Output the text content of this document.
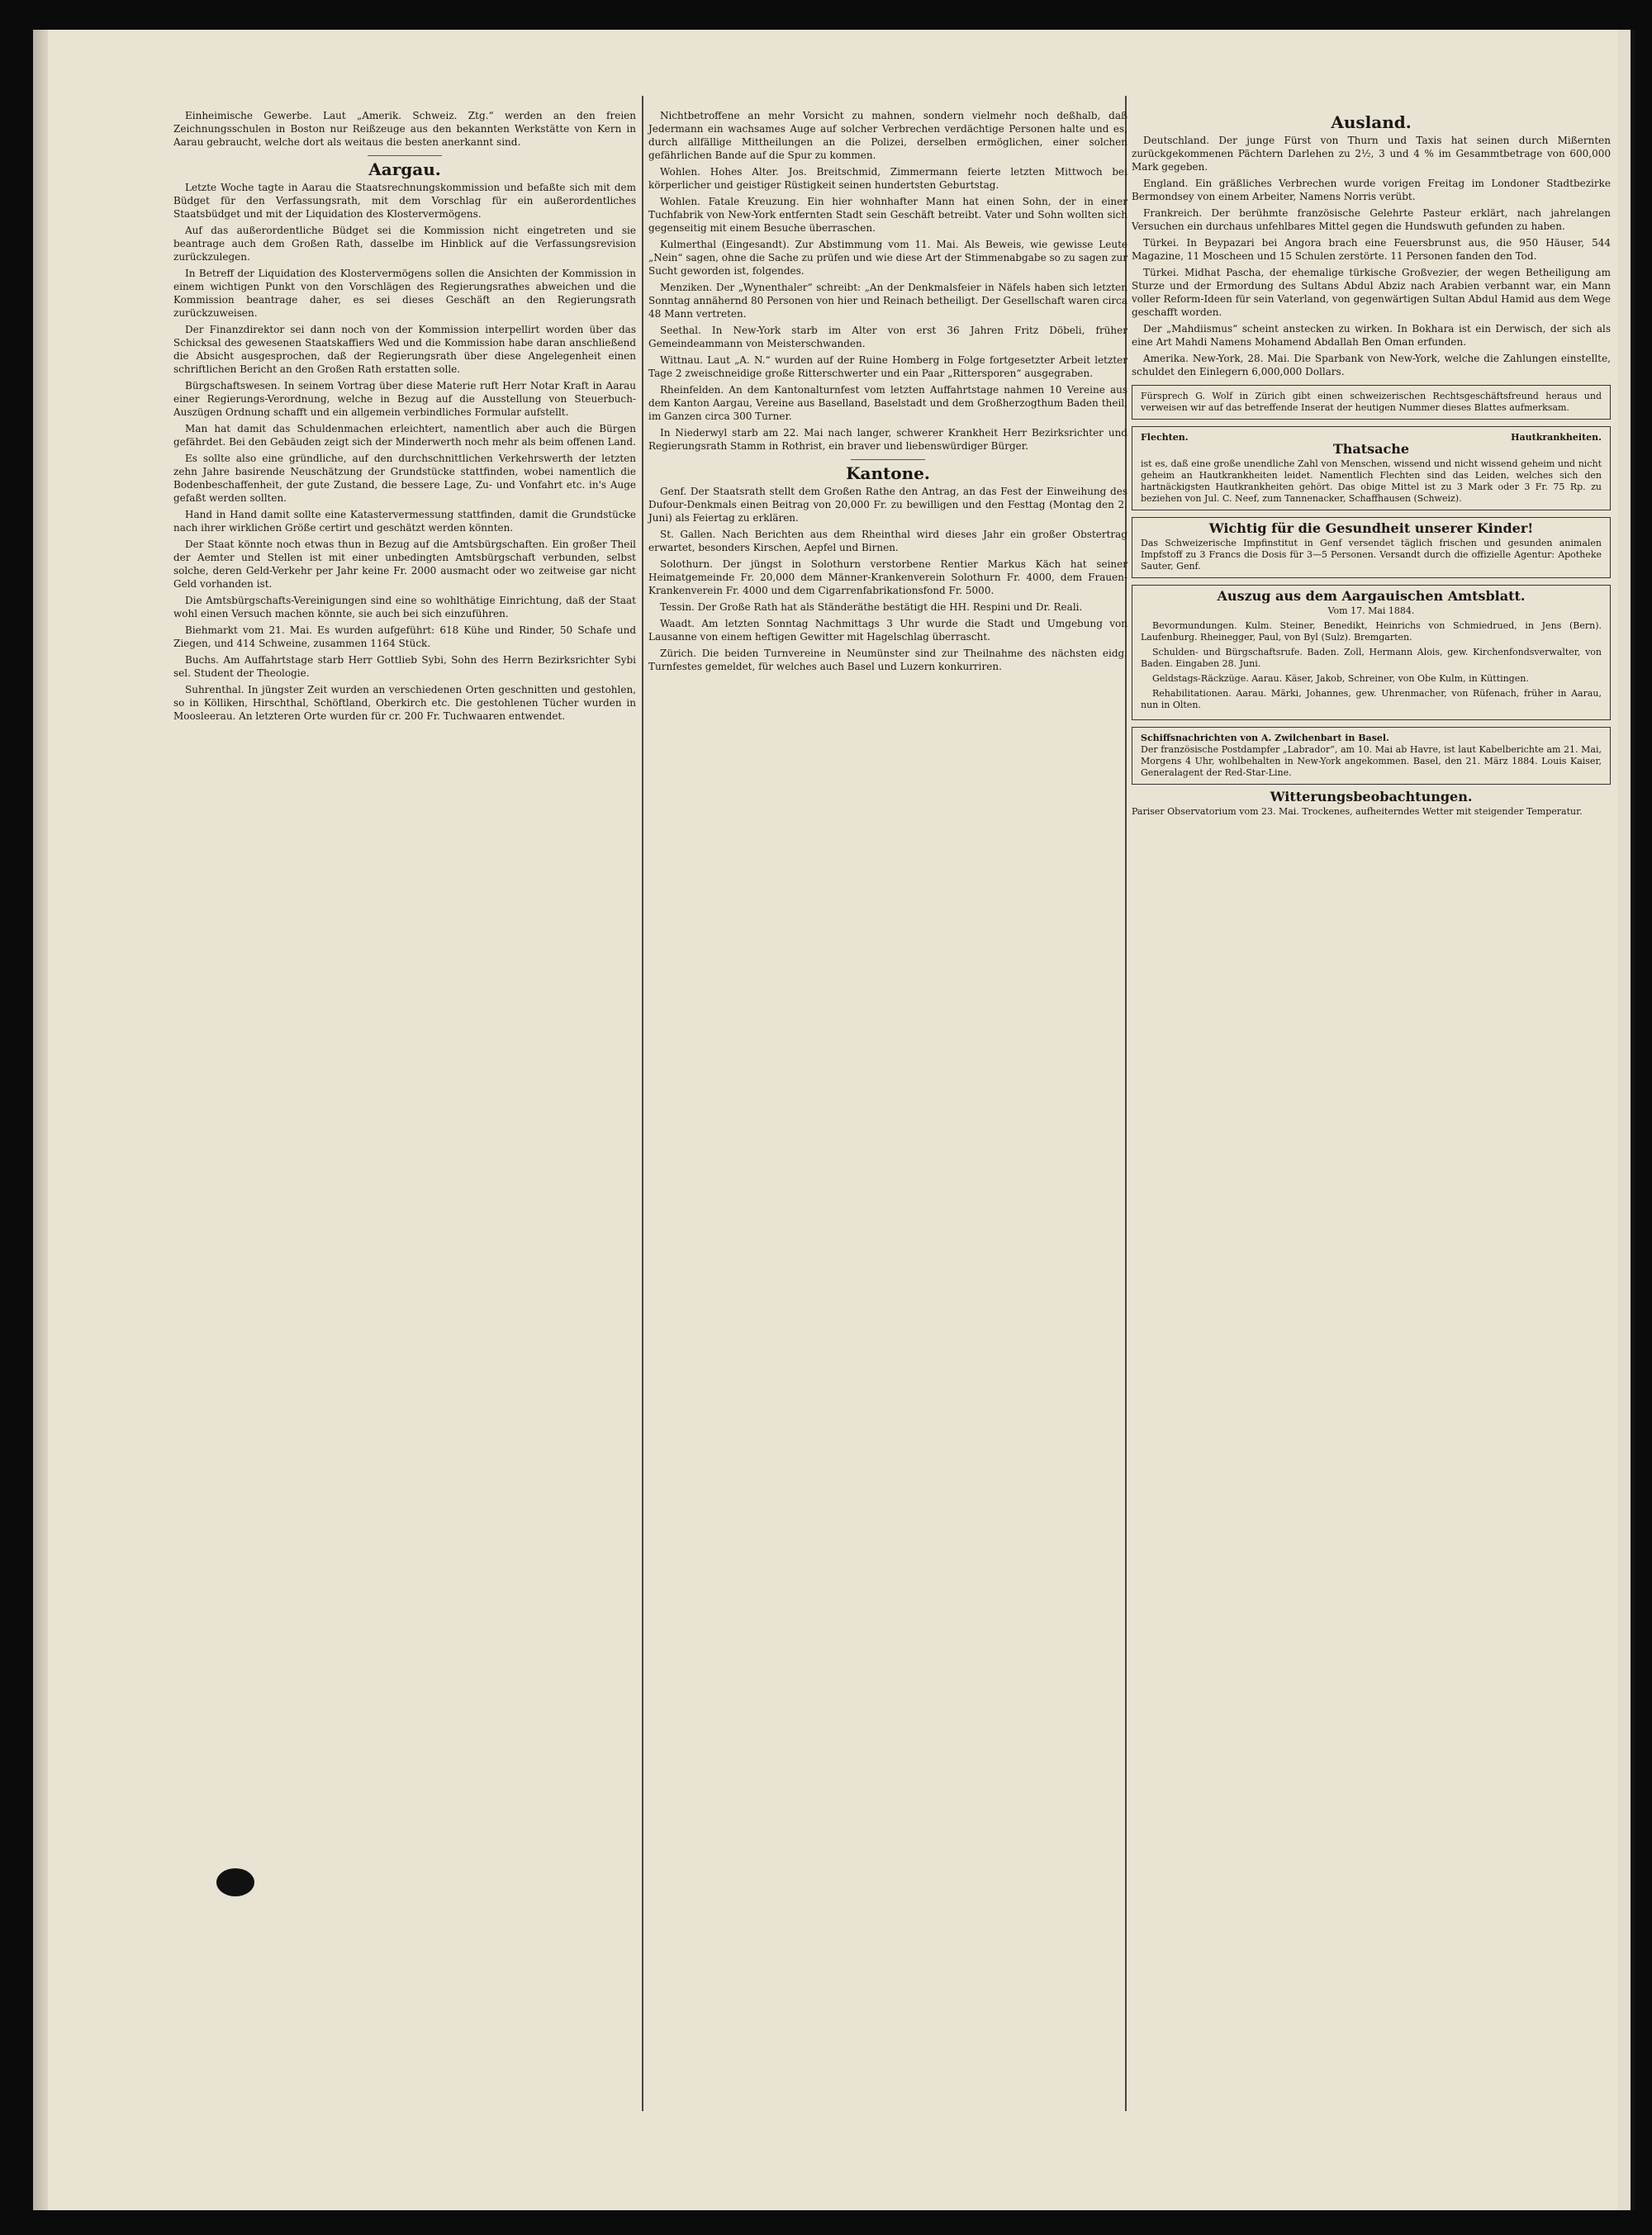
Einheimische Gewerbe. Laut „Amerik. Schweiz. Ztg.“ werden an den freien Zeichnungsschulen in Boston nur Reißzeuge aus den bekannten Werkstätte von Kern in Aarau gebraucht, welche dort als weitaus die besten anerkannt sind.

Aargau.

Letzte Woche tagte in Aarau die Staatsrechnungskommission und befaßte sich mit dem Büdget für den Verfassungsrath, mit dem Vorschlag für ein außerordentliches Staatsbüdget und mit der Liquidation des Klostervermögens.

Auf das außerordentliche Büdget sei die Kommission nicht eingetreten und sie beantrage auch dem Großen Rath, dasselbe im Hinblick auf die Verfassungsrevision zurückzulegen.

In Betreff der Liquidation des Klostervermögens sollen die Ansichten der Kommission in einem wichtigen Punkt von den Vorschlägen des Regierungsrathes abweichen und die Kommission beantrage daher, es sei dieses Geschäft an den Regierungsrath zurückzuweisen.

Der Finanzdirektor sei dann noch von der Kommission interpellirt worden über das Schicksal des gewesenen Staatskaffiers Wed und die Kommission habe daran anschließend die Absicht ausgesprochen, daß der Regierungsrath über diese Angelegenheit einen schriftlichen Bericht an den Großen Rath erstatten solle.

Bürgschaftswesen. In seinem Vortrag über diese Materie ruft Herr Notar Kraft in Aarau einer Regierungs-Verordnung, welche in Bezug auf die Ausstellung von Steuerbuch-Auszügen Ordnung schafft und ein allgemein verbindliches Formular aufstellt.

Man hat damit das Schuldenmachen erleichtert, namentlich aber auch die Bürgen gefährdet. Bei den Gebäuden zeigt sich der Minderwerth noch mehr als beim offenen Land.

Es sollte also eine gründliche, auf den durchschnittlichen Verkehrswerth der letzten zehn Jahre basirende Neuschätzung der Grundstücke stattfinden, wobei namentlich die Bodenbeschaffenheit, der gute Zustand, die bessere Lage, Zu- und Vonfahrt etc. in's Auge gefaßt werden sollten.

Hand in Hand damit sollte eine Katastervermessung stattfinden, damit die Grundstücke nach ihrer wirklichen Größe certirt und geschätzt werden könnten.

Der Staat könnte noch etwas thun in Bezug auf die Amtsbürgschaften. Ein großer Theil der Aemter und Stellen ist mit einer unbedingten Amtsbürgschaft verbunden, selbst solche, deren Geld-Verkehr per Jahr keine Fr. 2000 ausmacht oder wo zeitweise gar nicht Geld vorhanden ist.

Die Amtsbürgschafts-Vereinigungen sind eine so wohlthätige Einrichtung, daß der Staat wohl einen Versuch machen könnte, sie auch bei sich einzuführen.

Biehmarkt vom 21. Mai. Es wurden aufgeführt: 618 Kühe und Rinder, 50 Schafe und Ziegen, und 414 Schweine, zusammen 1164 Stück.

Buchs. Am Auffahrtstage starb Herr Gottlieb Sybi, Sohn des Herrn Bezirksrichter Sybi sel. Student der Theologie.

Suhrenthal. In jüngster Zeit wurden an verschiedenen Orten geschnitten und gestohlen, so in Kölliken, Hirschthal, Schöftland, Oberkirch etc. Die gestohlenen Tücher wurden in Moosleerau. An letzteren Orte wurden für cr. 200 Fr. Tuchwaaren entwendet.

Nichtbetroffene an mehr Vorsicht zu mahnen, sondern vielmehr noch deßhalb, daß Jedermann ein wachsames Auge auf solcher Verbrechen verdächtige Personen halte und es, durch allfällige Mittheilungen an die Polizei, derselben ermöglichen, einer solchen gefährlichen Bande auf die Spur zu kommen.

Wohlen. Hohes Alter. Jos. Breitschmid, Zimmermann feierte letzten Mittwoch bei körperlicher und geistiger Rüstigkeit seinen hundertsten Geburtstag.

Wohlen. Fatale Kreuzung. Ein hier wohnhafter Mann hat einen Sohn, der in einer Tuchfabrik von New-York entfernten Stadt sein Geschäft betreibt. Vater und Sohn wollten sich gegenseitig mit einem Besuche überraschen.

Kulmerthal (Eingesandt). Zur Abstimmung vom 11. Mai. Als Beweis, wie gewisse Leute „Nein“ sagen, ohne die Sache zu prüfen und wie diese Art der Stimmenabgabe so zu sagen zur Sucht geworden ist, folgendes.

Menziken. Der „Wynenthaler“ schreibt: „An der Denkmalsfeier in Näfels haben sich letzten Sonntag annähernd 80 Personen von hier und Reinach betheiligt. Der Gesellschaft waren circa 48 Mann vertreten.

Seethal. In New-York starb im Alter von erst 36 Jahren Fritz Döbeli, früher Gemeindeammann von Meisterschwanden.

Wittnau. Laut „A. N.“ wurden auf der Ruine Homberg in Folge fortgesetzter Arbeit letzter Tage 2 zweischneidige große Ritterschwerter und ein Paar „Rittersporen“ ausgegraben.

Rheinfelden. An dem Kantonalturnfest vom letzten Auffahrtstage nahmen 10 Vereine aus dem Kanton Aargau, Vereine aus Baselland, Baselstadt und dem Großherzogthum Baden theil, im Ganzen circa 300 Turner.

In Niederwyl starb am 22. Mai nach langer, schwerer Krankheit Herr Bezirksrichter und Regierungsrath Stamm in Rothrist, ein braver und liebenswürdiger Bürger.

Kantone.

Genf. Der Staatsrath stellt dem Großen Rathe den Antrag, an das Fest der Einweihung des Dufour-Denkmals einen Beitrag von 20,000 Fr. zu bewilligen und den Festtag (Montag den 2. Juni) als Feiertag zu erklären.

St. Gallen. Nach Berichten aus dem Rheinthal wird dieses Jahr ein großer Obstertrag erwartet, besonders Kirschen, Aepfel und Birnen.

Solothurn. Der jüngst in Solothurn verstorbene Rentier Markus Käch hat seiner Heimatgemeinde Fr. 20,000 dem Männer-Krankenverein Solothurn Fr. 4000, dem Frauen-Krankenverein Fr. 4000 und dem Cigarrenfabrikationsfond Fr. 5000.

Tessin. Der Große Rath hat als Ständeräthe bestätigt die HH. Respini und Dr. Reali.

Waadt. Am letzten Sonntag Nachmittags 3 Uhr wurde die Stadt und Umgebung von Lausanne von einem heftigen Gewitter mit Hagelschlag überrascht.

Zürich. Die beiden Turnvereine in Neumünster sind zur Theilnahme des nächsten eidg. Turnfestes gemeldet, für welches auch Basel und Luzern konkurriren.

Ausland.

Deutschland. Der junge Fürst von Thurn und Taxis hat seinen durch Mißernten zurückgekommenen Pächtern Darlehen zu 2½, 3 und 4 % im Gesammtbetrage von 600,000 Mark gegeben.

England. Ein gräßliches Verbrechen wurde vorigen Freitag im Londoner Stadtbezirke Bermondsey von einem Arbeiter, Namens Norris verübt.

Frankreich. Der berühmte französische Gelehrte Pasteur erklärt, nach jahrelangen Versuchen ein durchaus unfehlbares Mittel gegen die Hundswuth gefunden zu haben.

Türkei. In Beypazari bei Angora brach eine Feuersbrunst aus, die 950 Häuser, 544 Magazine, 11 Moscheen und 15 Schulen zerstörte. 11 Personen fanden den Tod.

Türkei. Midhat Pascha, der ehemalige türkische Großvezier, der wegen Betheiligung am Sturze und der Ermordung des Sultans Abdul Abziz nach Arabien verbannt war, ein Mann voller Reform-Ideen für sein Vaterland, von gegenwärtigen Sultan Abdul Hamid aus dem Wege geschafft worden.

Der „Mahdiismus“ scheint anstecken zu wirken. In Bokhara ist ein Derwisch, der sich als eine Art Mahdi Namens Mohamend Abdallah Ben Oman erfunden.

Amerika. New-York, 28. Mai. Die Sparbank von New-York, welche die Zahlungen einstellte, schuldet den Einlegern 6,000,000 Dollars.

Fürsprech G. Wolf in Zürich gibt einen schweizerischen Rechtsgeschäftsfreund heraus und verweisen wir auf das betreffende Inserat der heutigen Nummer dieses Blattes aufmerksam.
Flechten.	Hautkrankheiten.
Thatsache
ist es, daß eine große unendliche Zahl von Menschen, wissend und nicht wissend geheim und nicht geheim an Hautkrankheiten leidet. Namentlich Flechten sind das Leiden, welches sich den hartnäckigsten Hautkrankheiten gehört. Das obige Mittel ist zu 3 Mark oder 3 Fr. 75 Rp. zu beziehen von Jul. C. Neef, zum Tannenacker, Schaffhausen (Schweiz).
Wichtig für die Gesundheit unserer Kinder!
Das Schweizerische Impfinstitut in Genf versendet täglich frischen und gesunden animalen Impfstoff zu 3 Francs die Dosis für 3—5 Personen. Versandt durch die offizielle Agentur: Apotheke Sauter, Genf.
Auszug aus dem Aargauischen Amtsblatt.
Vom 17. Mai 1884.

Bevormundungen. Kulm. Steiner, Benedikt, Heinrichs von Schmiedrued, in Jens (Bern). Laufenburg. Rheinegger, Paul, von Byl (Sulz). Bremgarten.

Schulden- und Bürgschaftsrufe. Baden. Zoll, Hermann Alois, gew. Kirchenfondsverwalter, von Baden. Eingaben 28. Juni.

Geldstags-Räckzüge. Aarau. Käser, Jakob, Schreiner, von Obe Kulm, in Küttingen.

Rehabilitationen. Aarau. Märki, Johannes, gew. Uhrenmacher, von Rüfenach, früher in Aarau, nun in Olten.

Schiffsnachrichten von A. Zwilchenbart in Basel.
Der französische Postdampfer „Labrador“, am 10. Mai ab Havre, ist laut Kabelberichte am 21. Mai, Morgens 4 Uhr, wohlbehalten in New-York angekommen. Basel, den 21. März 1884. Louis Kaiser, Generalagent der Red-Star-Line.
Witterungsbeobachtungen.
Pariser Observatorium vom 23. Mai. Trockenes, aufheiterndes Wetter mit steigender Temperatur.
